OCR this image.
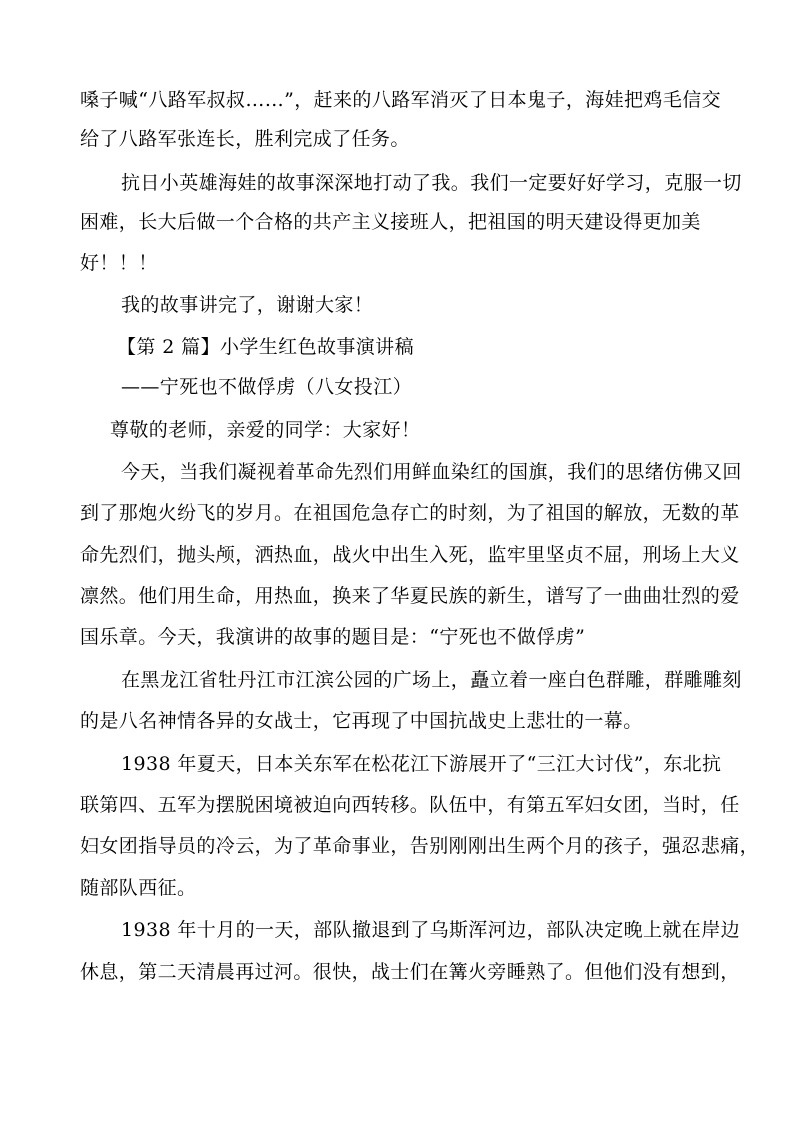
嗓子喊“八路军叔叔……”，赶来的八路军消灭了日本鬼子，海娃把鸡毛信交
给了八路军张连长，胜利完成了任务。
抗日小英雄海娃的故事深深地打动了我。我们一定要好好学习，克服一切
困难，长大后做一个合格的共产主义接班人，把祖国的明天建设得更加美
好！！！
我的故事讲完了，谢谢大家！
【第 2 篇】小学生红色故事演讲稿
——宁死也不做俘虏（八女投江）
尊敬的老师，亲爱的同学：大家好！
今天，当我们凝视着革命先烈们用鲜血染红的国旗，我们的思绪仿佛又回
到了那炮火纷飞的岁月。在祖国危急存亡的时刻，为了祖国的解放，无数的革
命先烈们，抛头颅，洒热血，战火中出生入死，监牢里坚贞不屈，刑场上大义
凛然。他们用生命，用热血，换来了华夏民族的新生，谱写了一曲曲壮烈的爱
国乐章。今天，我演讲的故事的题目是：“宁死也不做俘虏”
在黑龙江省牡丹江市江滨公园的广场上，矗立着一座白色群雕，群雕雕刻
的是八名神情各异的女战士，它再现了中国抗战史上悲壮的一幕。
1938 年夏天，日本关东军在松花江下游展开了“三江大讨伐”，东北抗
联第四、五军为摆脱困境被迫向西转移。队伍中，有第五军妇女团，当时，任
妇女团指导员的冷云，为了革命事业，告别刚刚出生两个月的孩子，强忍悲痛，
随部队西征。
1938 年十月的一天，部队撤退到了乌斯浑河边，部队决定晚上就在岸边
休息，第二天清晨再过河。很快，战士们在篝火旁睡熟了。但他们没有想到，
